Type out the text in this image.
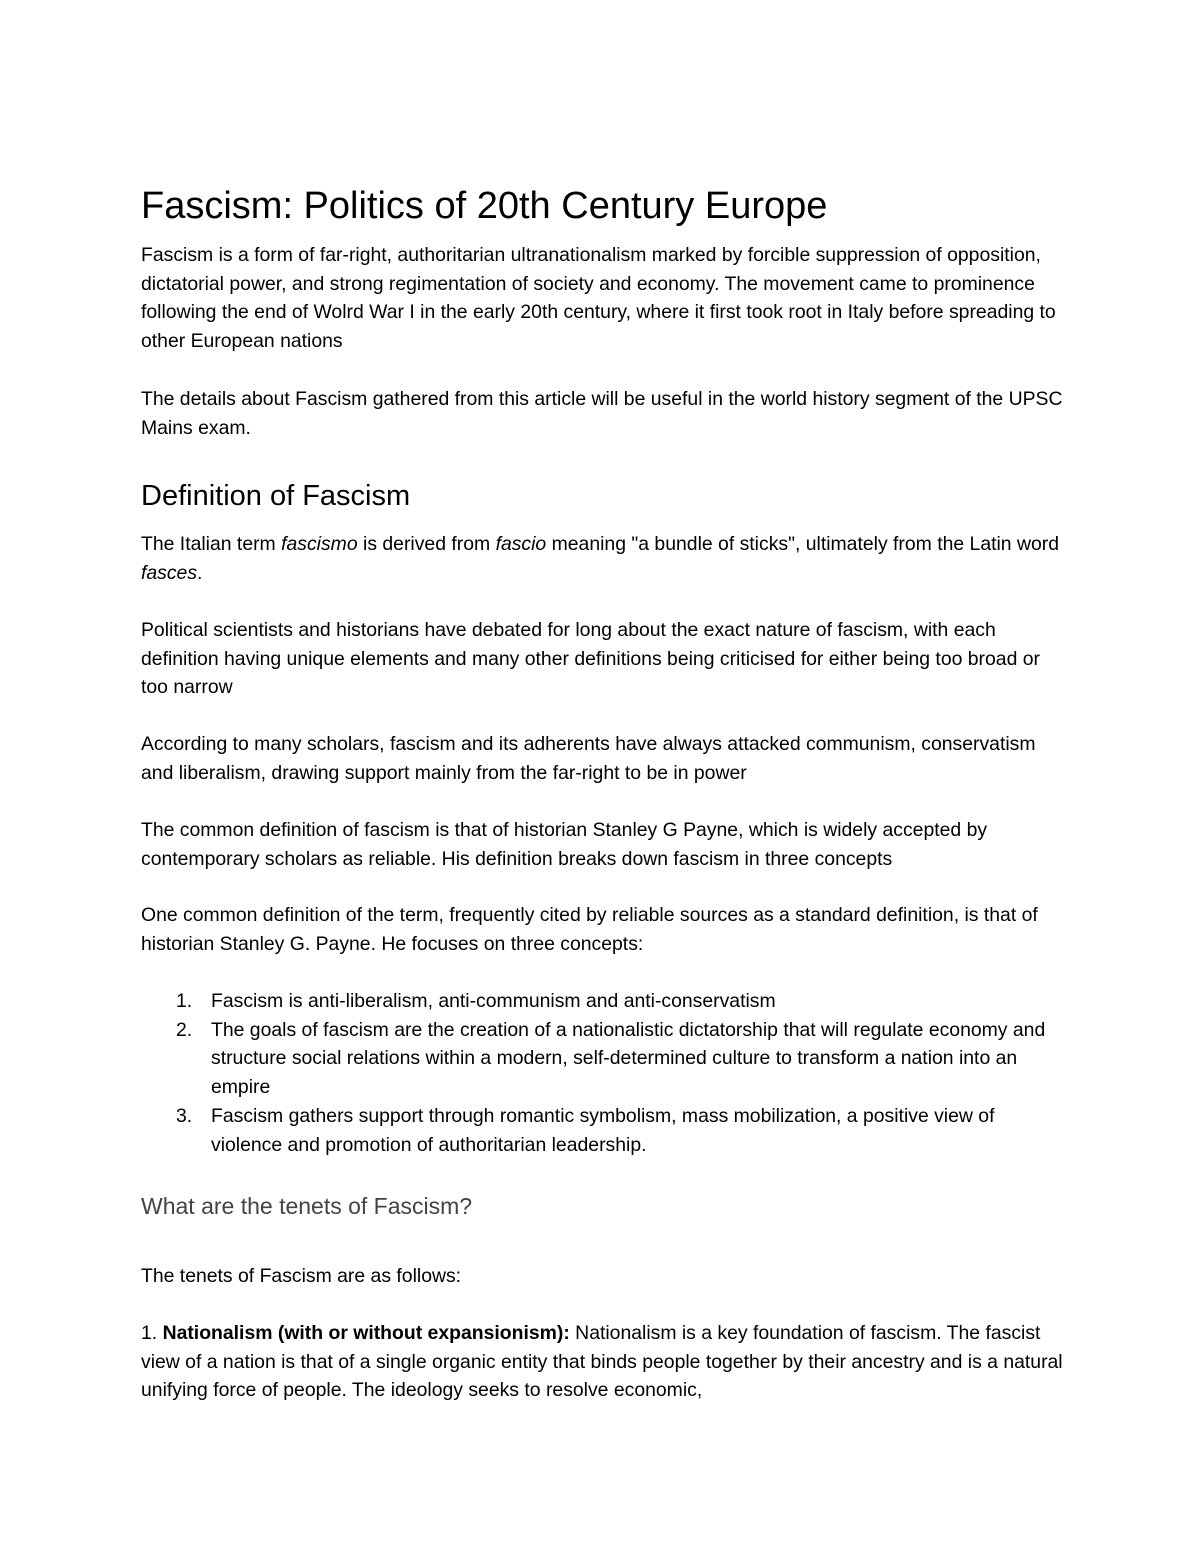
Fascism: Politics of 20th Century Europe

Fascism is a form of far-right, authoritarian ultranationalism marked by forcible suppression of opposition, dictatorial power, and strong regimentation of society and economy. The movement came to prominence following the end of Wolrd War I in the early 20th century, where it first took root in Italy before spreading to other European nations

The details about Fascism gathered from this article will be useful in the world history segment of the UPSC Mains exam.

Definition of Fascism

The Italian term fascismo is derived from fascio meaning "a bundle of sticks", ultimately from the Latin word fasces.

Political scientists and historians have debated for long about the exact nature of fascism, with each definition having unique elements and many other definitions being criticised for either being too broad or too narrow

According to many scholars, fascism and its adherents have always attacked communism, conservatism and liberalism, drawing support mainly from the far-right to be in power

The common definition of fascism is that of historian Stanley G Payne, which is widely accepted by contemporary scholars as reliable. His definition breaks down fascism in three concepts

One common definition of the term, frequently cited by reliable sources as a standard definition, is that of historian Stanley G. Payne. He focuses on three concepts:

1. Fascism is anti-liberalism, anti-communism and anti-conservatism
2. The goals of fascism are the creation of a nationalistic dictatorship that will regulate economy and structure social relations within a modern, self-determined culture to transform a nation into an empire
3. Fascism gathers support through romantic symbolism, mass mobilization, a positive view of violence and promotion of authoritarian leadership.
What are the tenets of Fascism?

The tenets of Fascism are as follows:

1. Nationalism (with or without expansionism): Nationalism is a key foundation of fascism. The fascist view of a nation is that of a single organic entity that binds people together by their ancestry and is a natural unifying force of people. The ideology seeks to resolve economic,
